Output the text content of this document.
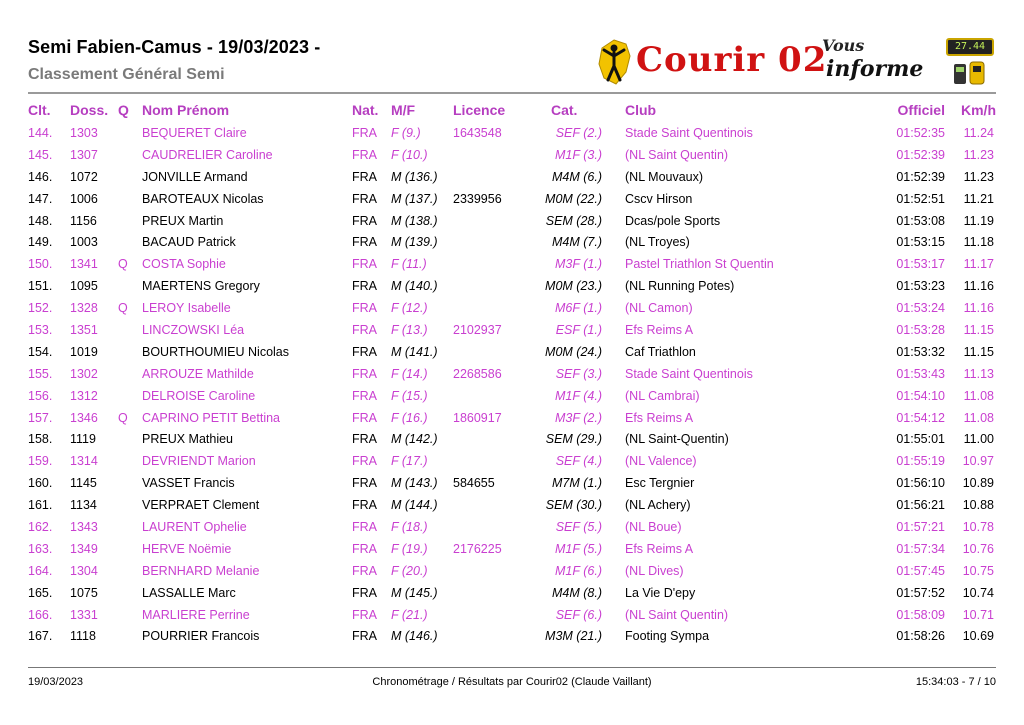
Semi Fabien-Camus - 19/03/2023 -
Classement Général Semi	Courir 02
Vous
informe
27.44
Clt. Doss. Q Nom Prénom	Nat. M/F	Licence	Cat.	Club	Officiel Km/h
144. 1303	BEQUERET Claire	FRA F (9.)	1643548	SEF (2.) Stade Saint Quentinois	01:52:35 11.24
145. 1307	CAUDRELIER Caroline	FRA F (10.)	M1F (3.) (NL Saint Quentin)	01:52:39 11.23
146. 1072	JONVILLE Armand	FRA M (136.)	M4M (6.) (NL Mouvaux)	01:52:39 11.23
147. 1006	BAROTEAUX Nicolas	FRA M (137.) 2339956	M0M (22.) Cscv Hirson	01:52:51 11.21
148. 1156	PREUX Martin	FRA M (138.)	SEM (28.) Dcas/pole Sports	01:53:08 11.19
149. 1003	BACAUD Patrick	FRA M (139.)	M4M (7.) (NL Troyes)	01:53:15 11.18
150. 1341 Q COSTA Sophie	FRA F (11.)	M3F (1.) Pastel Triathlon St Quentin	01:53:17 11.17
151. 1095	MAERTENS Gregory	FRA M (140.)	M0M (23.) (NL Running Potes)	01:53:23 11.16
152. 1328 Q LEROY Isabelle	FRA F (12.)	M6F (1.) (NL Camon)	01:53:24 11.16
153. 1351	LINCZOWSKI Léa	FRA F (13.) 2102937	ESF (1.) Efs Reims A	01:53:28 11.15
154. 1019	BOURTHOUMIEU Nicolas	FRA M (141.)	M0M (24.) Caf Triathlon	01:53:32 11.15
155. 1302	ARROUZE Mathilde	FRA F (14.) 2268586	SEF (3.) Stade Saint Quentinois	01:53:43 11.13
156. 1312	DELROISE Caroline	FRA F (15.)	M1F (4.) (NL Cambrai)	01:54:10 11.08
157. 1346 Q CAPRINO PETIT Bettina	FRA F (16.) 1860917	M3F (2.) Efs Reims A	01:54:12 11.08
158. 1119	PREUX Mathieu	FRA M (142.)	SEM (29.) (NL Saint-Quentin)	01:55:01 11.00
159. 1314	DEVRIENDT Marion	FRA F (17.)	SEF (4.) (NL Valence)	01:55:19 10.97
160. 1145	VASSET Francis	FRA M (143.) 584655	M7M (1.) Esc Tergnier	01:56:10 10.89
161. 1134	VERPRAET Clement	FRA M (144.)	SEM (30.) (NL Achery)	01:56:21 10.88
162. 1343	LAURENT Ophelie	FRA F (18.)	SEF (5.) (NL Boue)	01:57:21 10.78
163. 1349	HERVE Noëmie	FRA F (19.) 2176225	M1F (5.) Efs Reims A	01:57:34 10.76
164. 1304	BERNHARD Melanie	FRA F (20.)	M1F (6.) (NL Dives)	01:57:45 10.75
165. 1075	LASSALLE Marc	FRA M (145.)	M4M (8.) La Vie D'epy	01:57:52 10.74
166. 1331	MARLIERE Perrine	FRA F (21.)	SEF (6.) (NL Saint Quentin)	01:58:09 10.71
167. 1118	POURRIER Francois	FRA M (146.)	M3M (21.) Footing Sympa	01:58:26 10.69
19/03/2023	Chronométrage / Résultats par Courir02 (Claude Vaillant)	15:34:03 - 7 / 10
